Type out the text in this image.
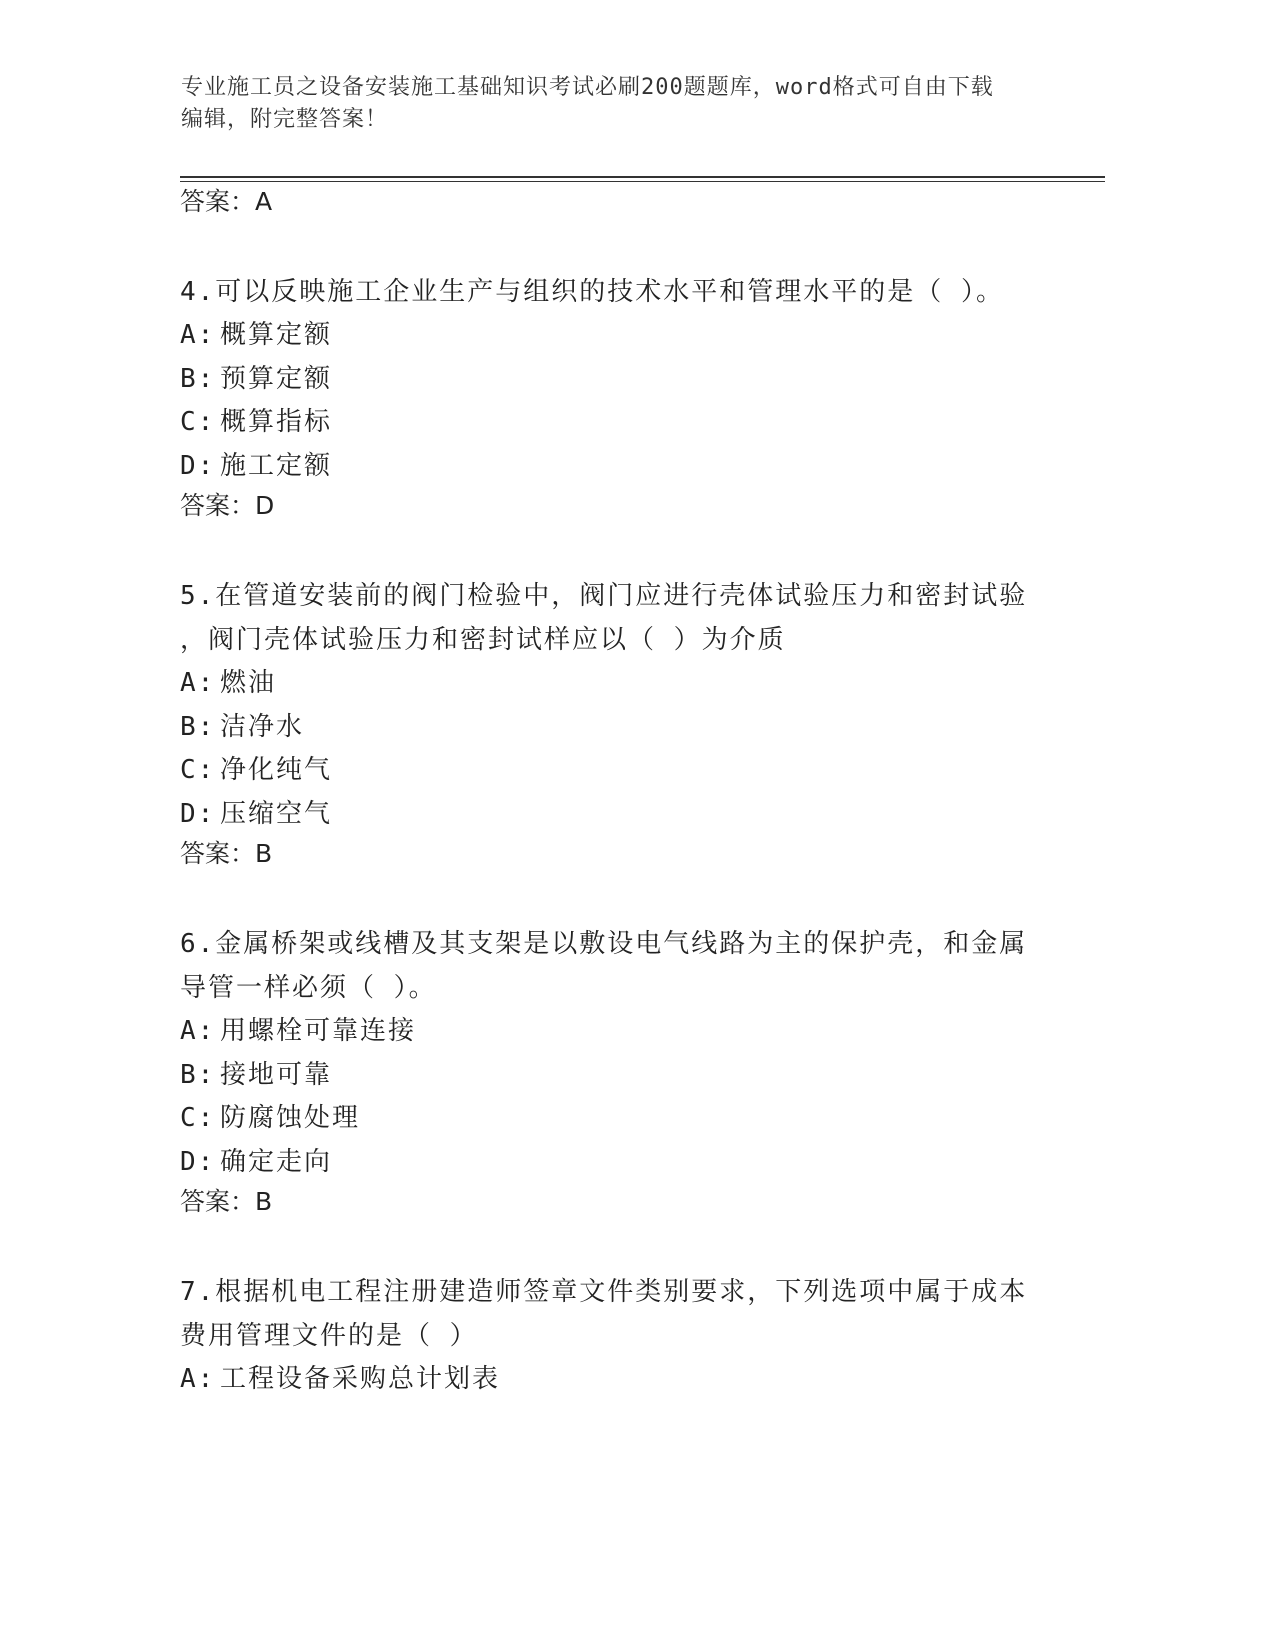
专业施工员之设备安装施工基础知识考试必刷200题题库，word格式可自由下载
编辑，附完整答案！
答案：A
4.可以反映施工企业生产与组织的技术水平和管理水平的是（ ）。
A: 概算定额
B: 预算定额
C: 概算指标
D: 施工定额
答案：D
5.在管道安装前的阀门检验中，阀门应进行壳体试验压力和密封试验
，阀门壳体试验压力和密封试样应以（ ）为介质
A: 燃油
B: 洁净水
C: 净化纯气
D: 压缩空气
答案：B
6.金属桥架或线槽及其支架是以敷设电气线路为主的保护壳，和金属
导管一样必须（ ）。
A: 用螺栓可靠连接
B: 接地可靠
C: 防腐蚀处理
D: 确定走向
答案：B
7.根据机电工程注册建造师签章文件类别要求，下列选项中属于成本
费用管理文件的是（ ）
A: 工程设备采购总计划表
